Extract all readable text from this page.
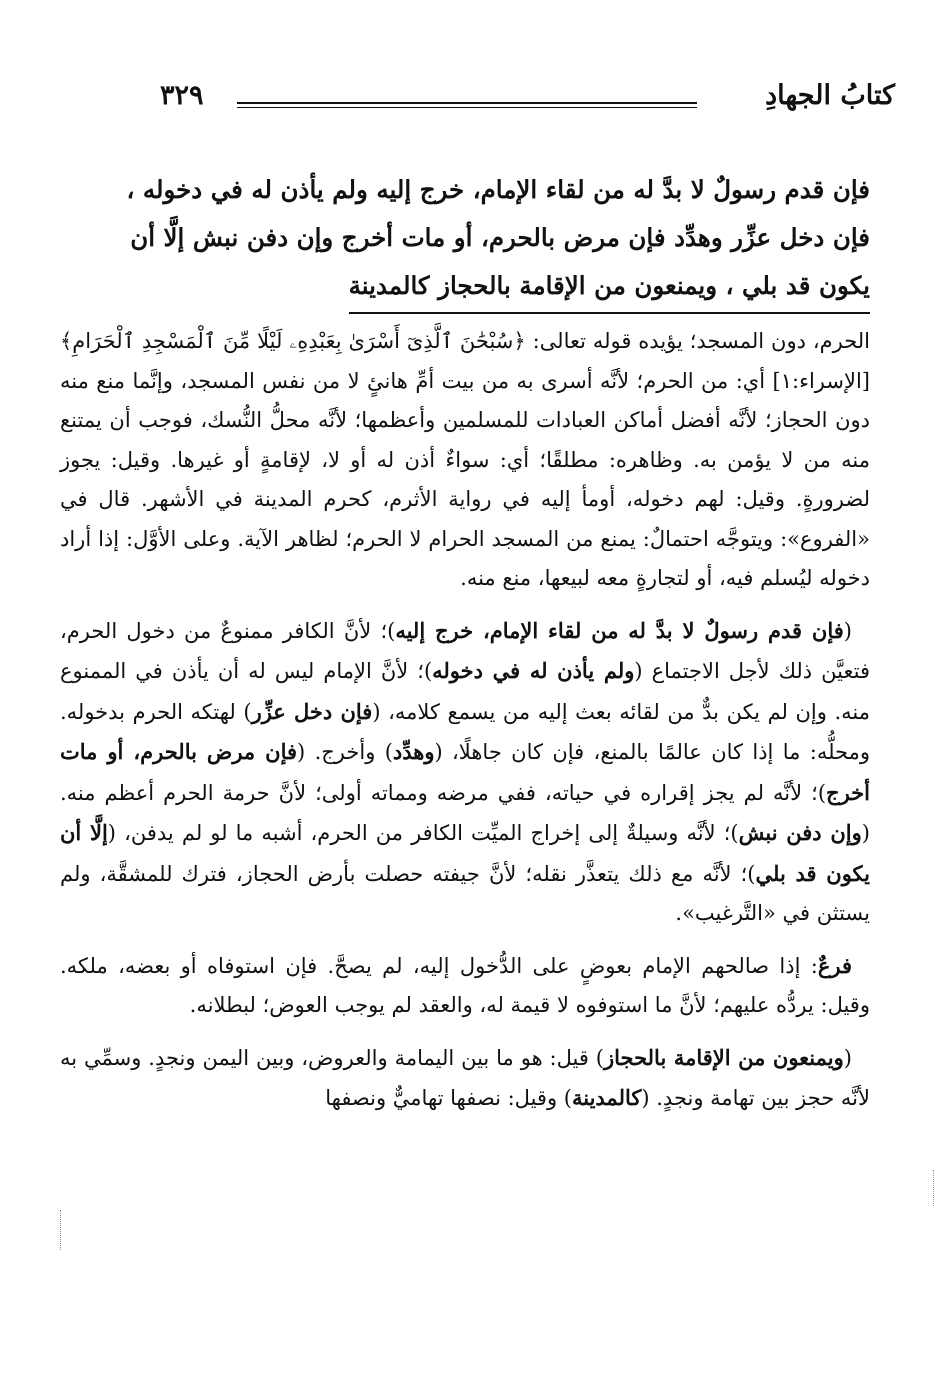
كتابُ الجهادِ
٣٢٩

فإن قدم رسولٌ لا بدَّ له من لقاء الإمام، خرج إليه ولم يأذن له في دخوله ،

فإن دخل عزِّر وهدِّد فإن مرض بالحرم، أو مات أخرج وإن دفن نبش إلَّا أن

يكون قد بلي ، ويمنعون من الإقامة بالحجاز كالمدينة

الحرم، دون المسجد؛ يؤيده قوله تعالى: ﴿سُبْحَٰنَ ٱلَّذِىٓ أَسْرَىٰ بِعَبْدِهِۦ لَيْلًا مِّنَ ٱلْمَسْجِدِ ٱلْحَرَامِ﴾ [الإسراء:١] أي: من الحرم؛ لأنَّه أسرى به من بيت أمِّ هانئٍ لا من نفس المسجد، وإنَّما منع منه دون الحجاز؛ لأنَّه أفضل أماكن العبادات للمسلمين وأعظمها؛ لأنَّه محلُّ النُّسك، فوجب أن يمتنع منه من لا يؤمن به. وظاهره: مطلقًا؛ أي: سواءٌ أذن له أو لا، لإقامةٍ أو غيرها. وقيل: يجوز لضرورةٍ. وقيل: لهم دخوله، أومأ إليه في رواية الأثرم، كحرم المدينة في الأشهر. قال في «الفروع»: ويتوجَّه احتمالٌ: يمنع من المسجد الحرام لا الحرم؛ لظاهر الآية. وعلى الأوَّل: إذا أراد دخوله ليُسلم فيه، أو لتجارةٍ معه لبيعها، منع منه.

(فإن قدم رسولٌ لا بدَّ له من لقاء الإمام، خرج إليه)؛ لأنَّ الكافر ممنوعٌ من دخول الحرم، فتعيَّن ذلك لأجل الاجتماع (ولم يأذن له في دخوله)؛ لأنَّ الإمام ليس له أن يأذن في الممنوع منه. وإن لم يكن بدٌّ من لقائه بعث إليه من يسمع كلامه، (فإن دخل عزِّر) لهتكه الحرم بدخوله. ومحلُّه: ما إذا كان عالمًا بالمنع، فإن كان جاهلًا، (وهدِّد) وأخرج. (فإن مرض بالحرم، أو مات أخرج)؛ لأنَّه لم يجز إقراره في حياته، ففي مرضه ومماته أولى؛ لأنَّ حرمة الحرم أعظم منه. (وإن دفن نبش)؛ لأنَّه وسيلةٌ إلى إخراج الميِّت الكافر من الحرم، أشبه ما لو لم يدفن، (إلَّا أن يكون قد بلي)؛ لأنَّه مع ذلك يتعذَّر نقله؛ لأنَّ جيفته حصلت بأرض الحجاز، فترك للمشقَّة، ولم يستثن في «التَّرغيب».

فرعٌ: إذا صالحهم الإمام بعوضٍ على الدُّخول إليه، لم يصحَّ. فإن استوفاه أو بعضه، ملكه. وقيل: يردُّه عليهم؛ لأنَّ ما استوفوه لا قيمة له، والعقد لم يوجب العوض؛ لبطلانه.

(ويمنعون من الإقامة بالحجاز) قيل: هو ما بين اليمامة والعروض، وبين اليمن ونجدٍ. وسمِّي به لأنَّه حجز بين تهامة ونجدٍ. (كالمدينة) وقيل: نصفها تهاميٌّ ونصفها
